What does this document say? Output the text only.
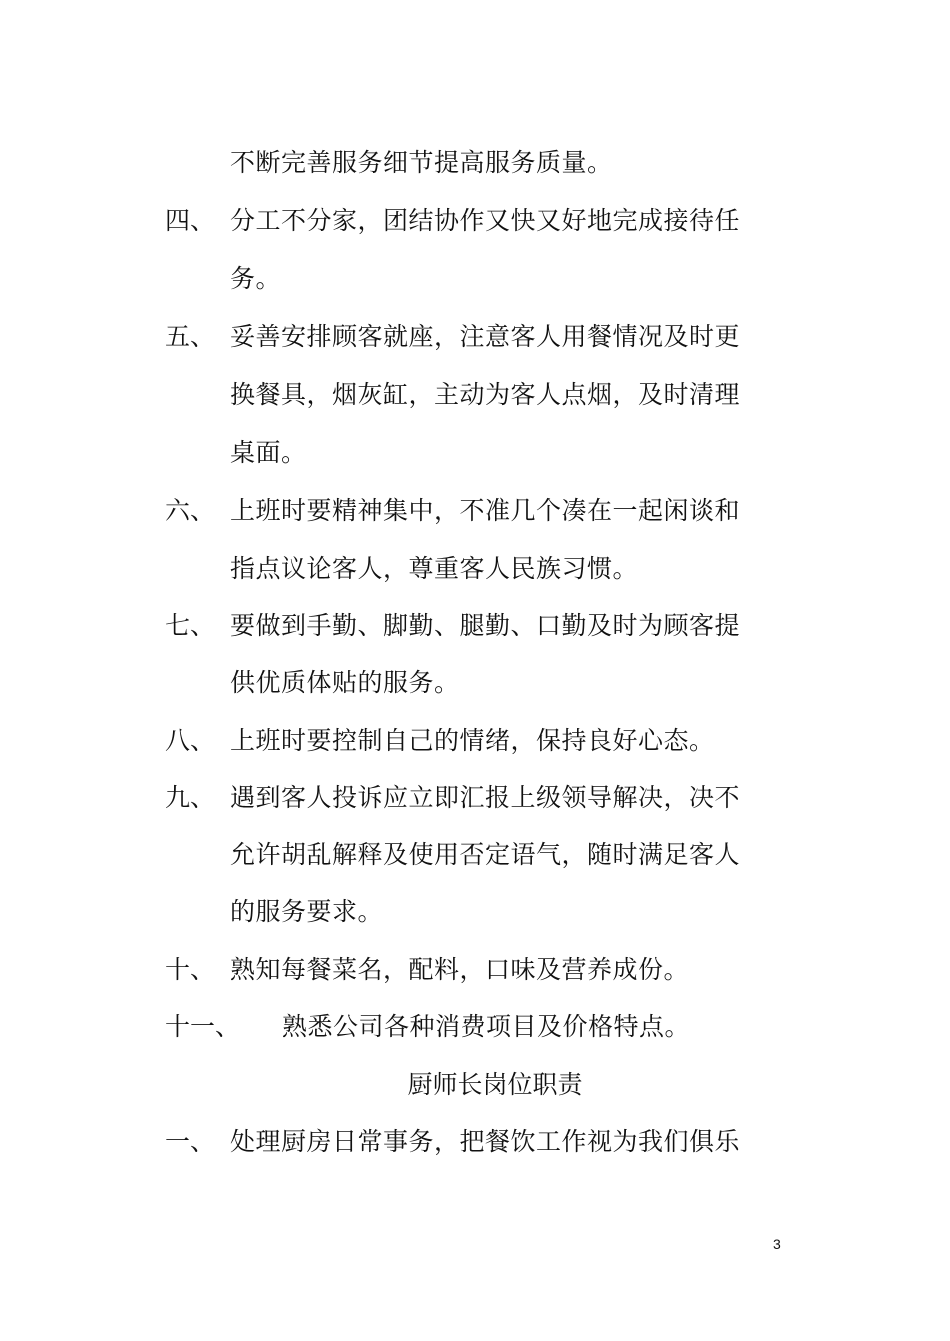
不断完善服务细节提高服务质量。
四、 分工不分家，团结协作又快又好地完成接待任
务。
五、 妥善安排顾客就座，注意客人用餐情况及时更
换餐具，烟灰缸，主动为客人点烟，及时清理
桌面。
六、 上班时要精神集中，不准几个凑在一起闲谈和
指点议论客人，尊重客人民族习惯。
七、 要做到手勤、脚勤、腿勤、口勤及时为顾客提
供优质体贴的服务。
八、 上班时要控制自己的情绪，保持良好心态。
九、 遇到客人投诉应立即汇报上级领导解决，决不
允许胡乱解释及使用否定语气，随时满足客人
的服务要求。
十、 熟知每餐菜名，配料，口味及营养成份。
十一、 熟悉公司各种消费项目及价格特点。
厨师长岗位职责
一、 处理厨房日常事务，把餐饮工作视为我们俱乐
3
